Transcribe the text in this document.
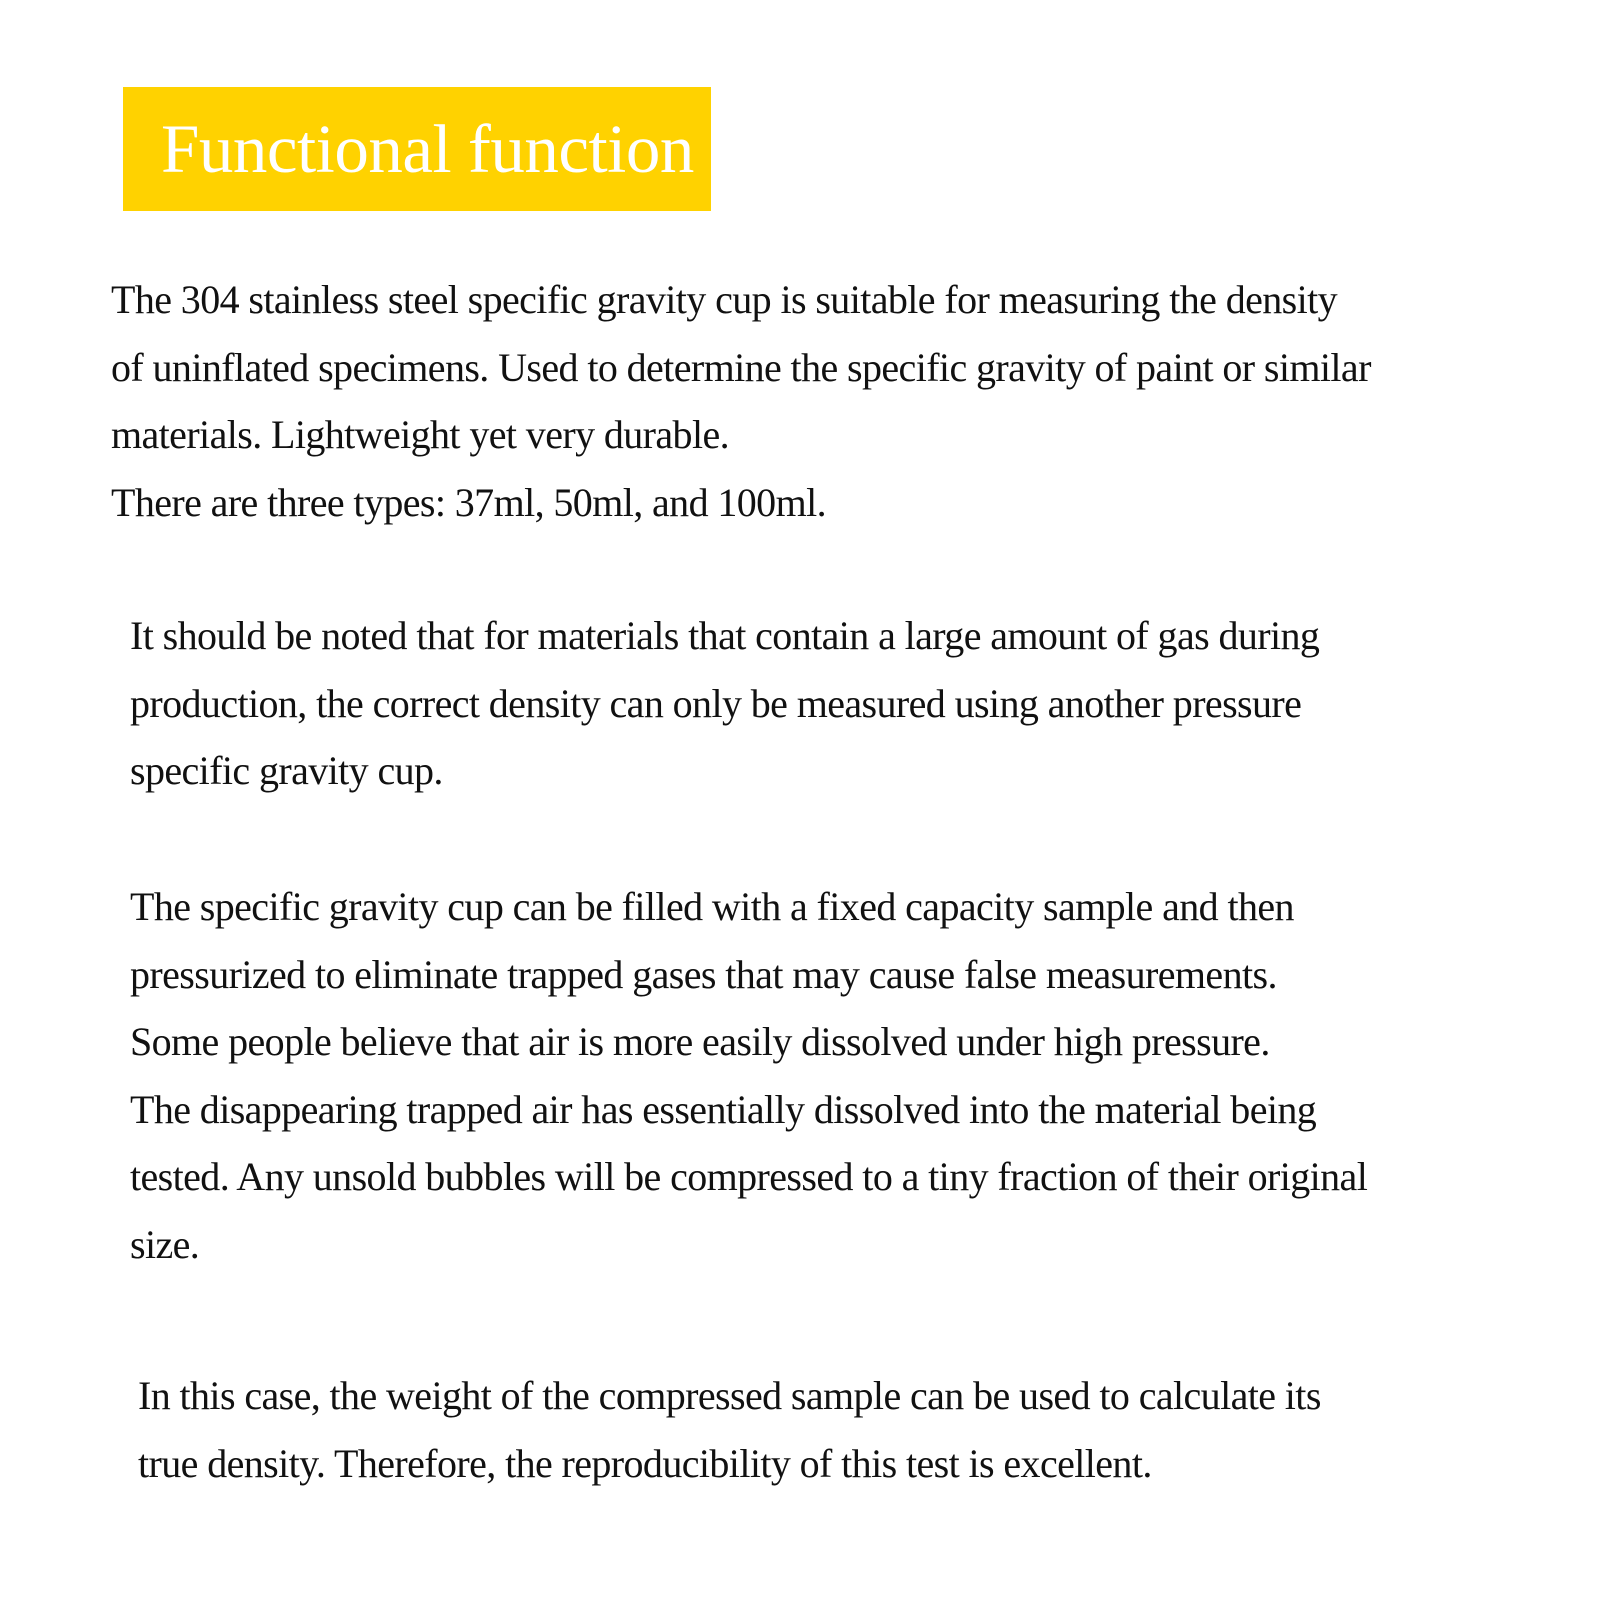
Functional function

The 304 stainless steel specific gravity cup is suitable for measuring the density
of uninflated specimens. Used to determine the specific gravity of paint or similar
materials. Lightweight yet very durable.
There are three types: 37ml, 50ml, and 100ml.

It should be noted that for materials that contain a large amount of gas during
production, the correct density can only be measured using another pressure
specific gravity cup.

The specific gravity cup can be filled with a fixed capacity sample and then
pressurized to eliminate trapped gases that may cause false measurements.
Some people believe that air is more easily dissolved under high pressure.
The disappearing trapped air has essentially dissolved into the material being
tested. Any unsold bubbles will be compressed to a tiny fraction of their original
size.

In this case, the weight of the compressed sample can be used to calculate its
true density. Therefore, the reproducibility of this test is excellent.
